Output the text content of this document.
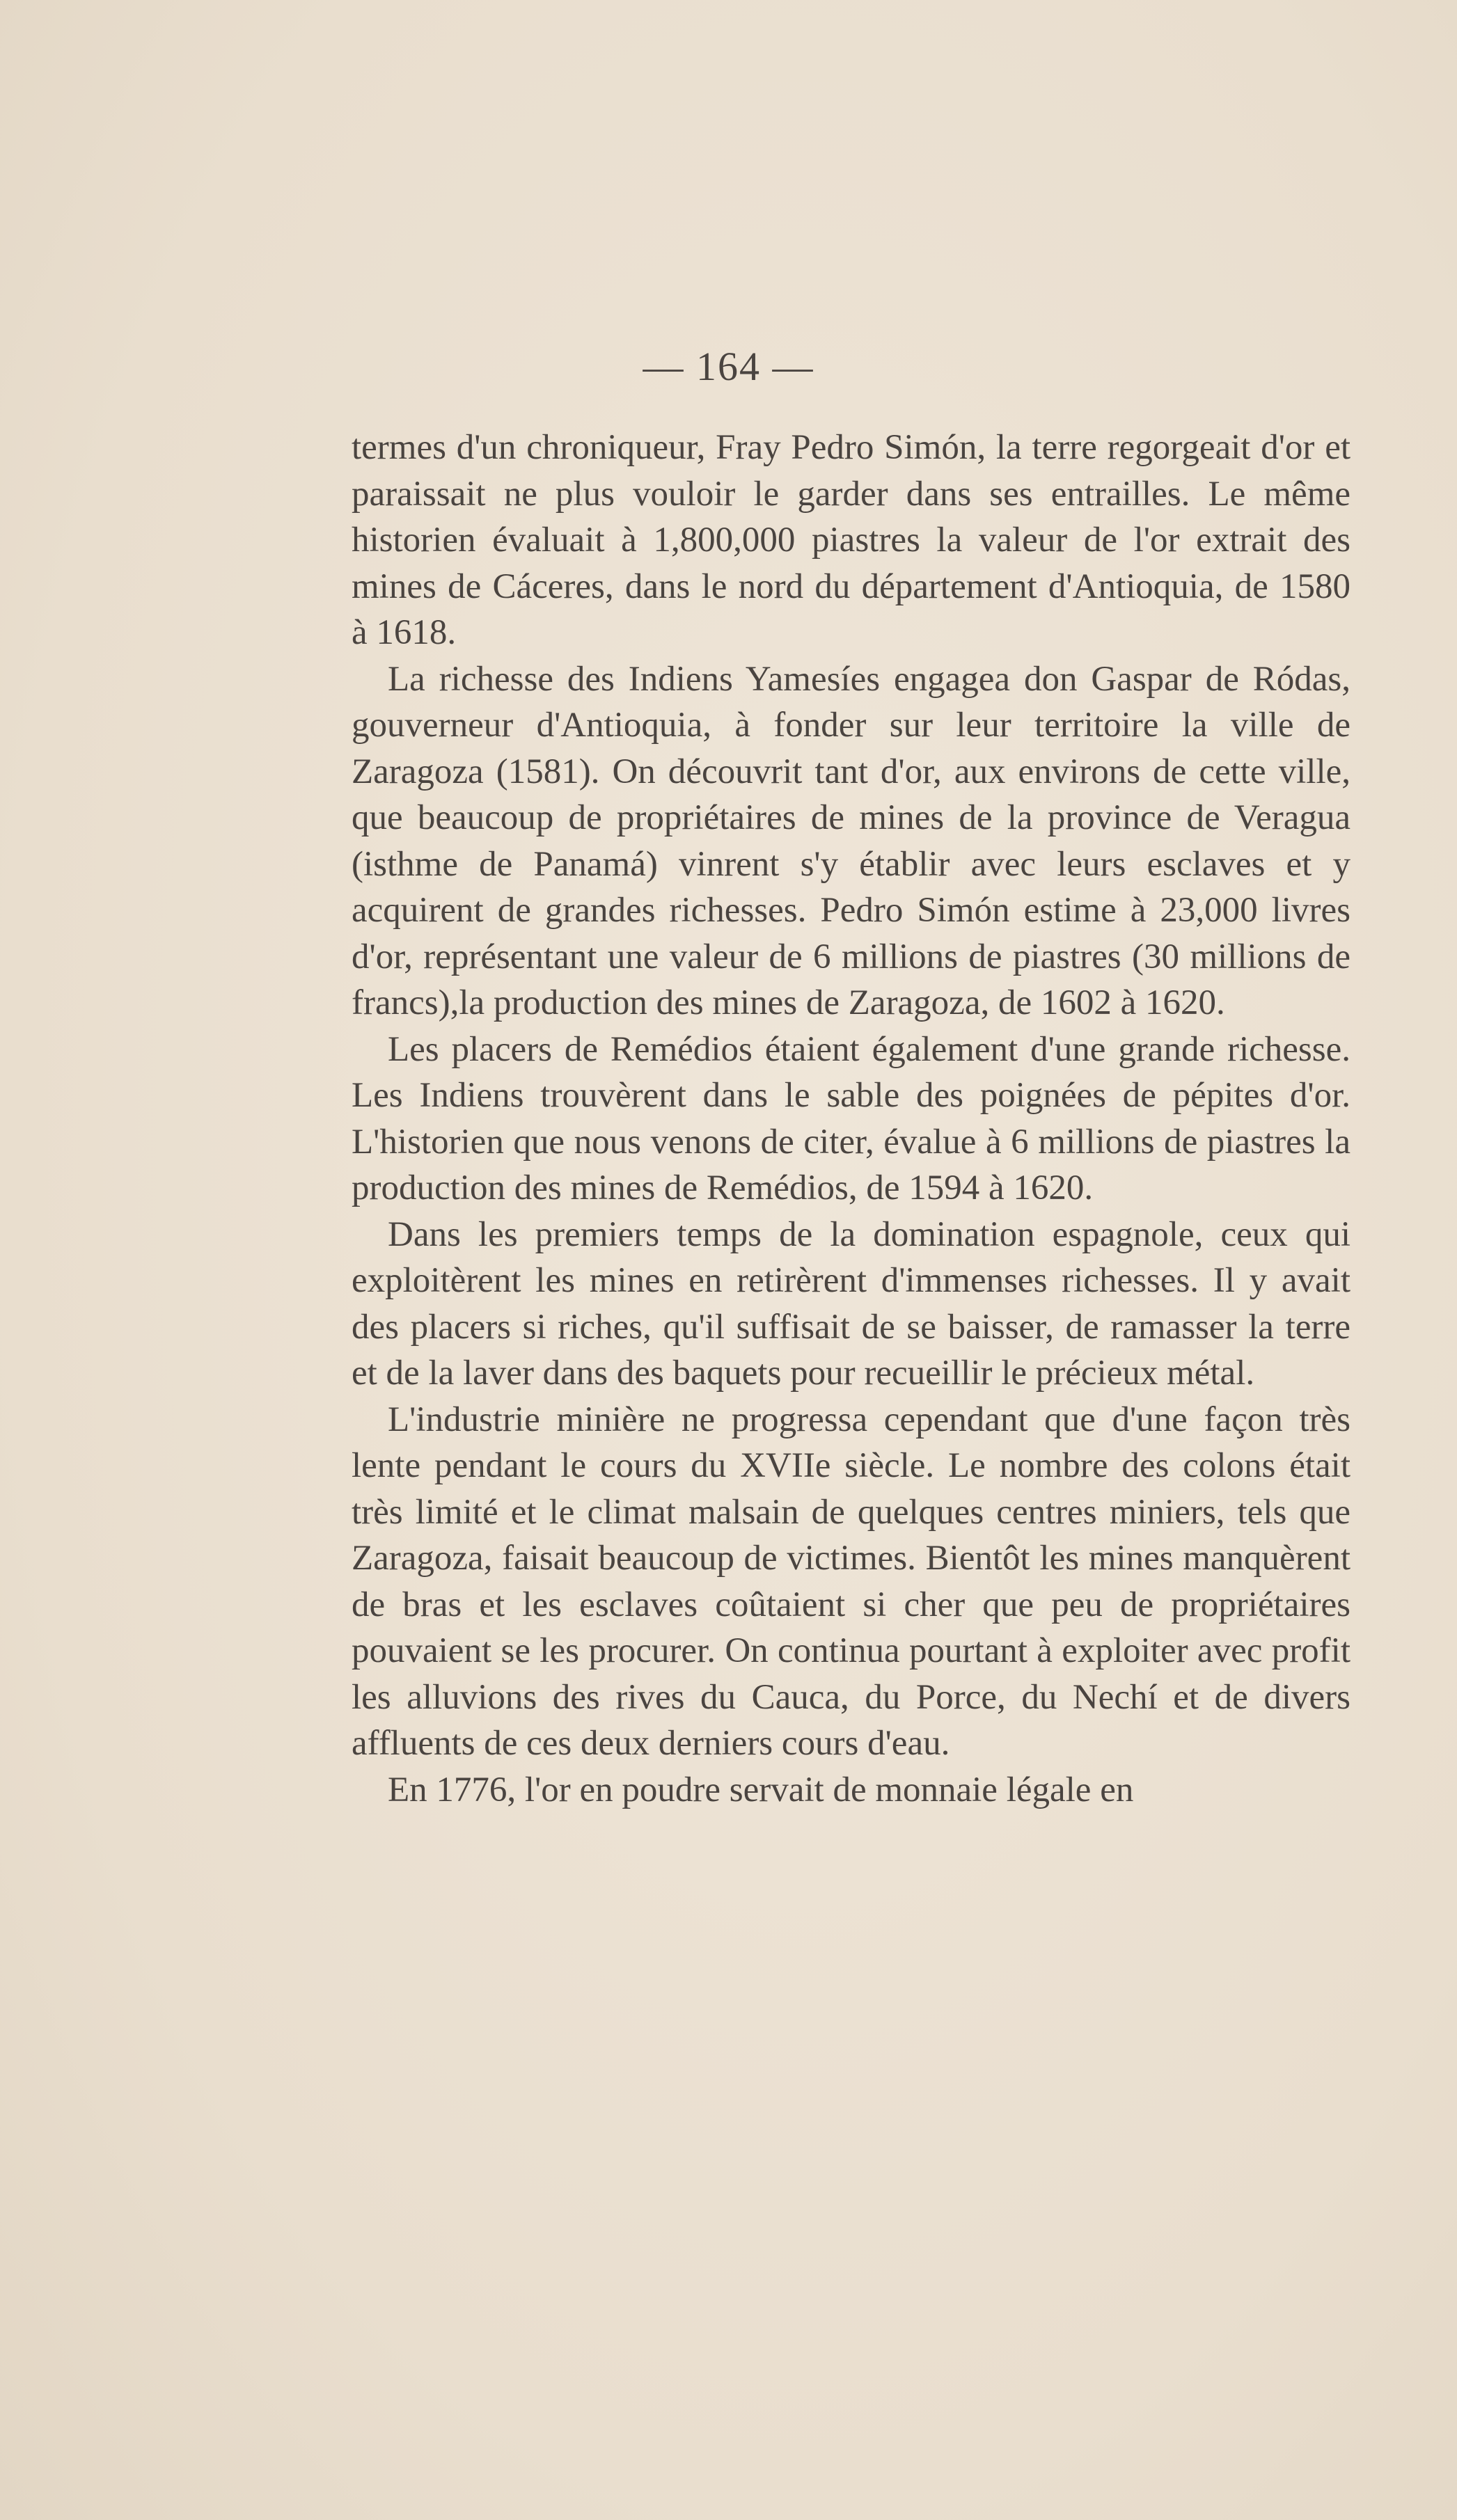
— 164 —

termes d'un chroniqueur, Fray Pedro Simón, la terre regorgeait d'or et paraissait ne plus vouloir le garder dans ses entrailles. Le même historien évaluait à 1,800,000 piastres la valeur de l'or extrait des mines de Cáceres, dans le nord du département d'Antioquia, de 1580 à 1618.

La richesse des Indiens Yamesíes engagea don Gaspar de Ródas, gouverneur d'Antioquia, à fonder sur leur territoire la ville de Zaragoza (1581). On découvrit tant d'or, aux environs de cette ville, que beaucoup de propriétaires de mines de la province de Veragua (isthme de Panamá) vinrent s'y établir avec leurs esclaves et y acquirent de grandes richesses. Pedro Simón estime à 23,000 livres d'or, représentant une valeur de 6 millions de piastres (30 millions de francs),la production des mines de Zaragoza, de 1602 à 1620.

Les placers de Remédios étaient également d'une grande richesse. Les Indiens trouvèrent dans le sable des poignées de pépites d'or. L'historien que nous venons de citer, évalue à 6 millions de piastres la production des mines de Remédios, de 1594 à 1620.

Dans les premiers temps de la domination espagnole, ceux qui exploitèrent les mines en retirèrent d'immenses richesses. Il y avait des placers si riches, qu'il suffisait de se baisser, de ramasser la terre et de la laver dans des baquets pour recueillir le précieux métal.

L'industrie minière ne progressa cependant que d'une façon très lente pendant le cours du XVIIe siècle. Le nombre des colons était très limité et le climat malsain de quelques centres miniers, tels que Zaragoza, faisait beaucoup de victimes. Bientôt les mines manquèrent de bras et les esclaves coûtaient si cher que peu de propriétaires pouvaient se les procurer. On continua pourtant à exploiter avec profit les alluvions des rives du Cauca, du Porce, du Nechí et de divers affluents de ces deux derniers cours d'eau.

En 1776, l'or en poudre servait de monnaie légale en
